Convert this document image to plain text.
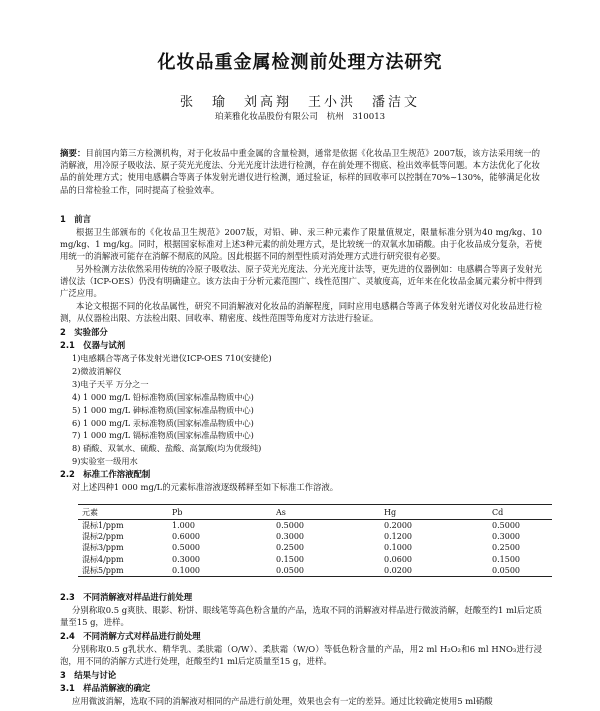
化妆品重金属检测前处理方法研究
张　瑜　刘高翔　王小洪　潘洁文
珀莱雅化妆品股份有限公司　杭州　310013
摘要：目前国内第三方检测机构，对于化妆品中重金属的含量检测，通常是依据《化妆品卫生规范》2007版，该方法采用统一的消解液，用冷原子吸收法、原子荧光光度法、分光光度计法进行检测，存在前处理不彻底、检出效率低等问题。本方法优化了化妆品的前处理方式；使用电感耦合等离子体发射光谱仪进行检测，通过验证，标样的回收率可以控制在70%~130%，能够满足化妆品的日常检验工作，同时提高了检验效率。
1　前言
根据卫生部颁布的《化妆品卫生规范》2007版，对铅、砷、汞三种元素作了限量值规定，限量标准分别为40 mg/kg、10 mg/kg、1 mg/kg。同时，根据国家标准对上述3种元素的前处理方式，是比较统一的双氧水加硝酸。由于化妆品成分复杂，若使用统一的消解液可能存在消解不彻底的风险。因此根据不同的剂型性质对消处理方式进行研究很有必要。
另外检测方法依然采用传统的冷原子吸收法、原子荧光光度法、分光光度计法等，更先进的仪器例如：电感耦合等离子发射光谱仪法（ICP-OES）仍没有明确建立。该方法由于分析元素范围广、线性范围广、灵敏度高，近年来在化妆品金属元素分析中得到广泛应用。
本论文根据不同的化妆品属性，研究不同消解液对化妆品的消解程度，同时应用电感耦合等离子体发射光谱仪对化妆品进行检测，从仪器检出限、方法检出限、回收率、精密度、线性范围等角度对方法进行验证。
2　实验部分
2.1　仪器与试剂
1)电感耦合等离子体发射光谱仪ICP-OES 710(安捷伦)
2)微波消解仪
3)电子天平 万分之一
4) 1 000 mg/L 铅标准物质(国家标准品物质中心)
5) 1 000 mg/L 砷标准物质(国家标准品物质中心)
6) 1 000 mg/L 汞标准物质(国家标准品物质中心)
7) 1 000 mg/L 镉标准物质(国家标准品物质中心)
8) 硝酸、双氧水、硫酸、盐酸、高氯酸(均为优级纯)
9)实验室一级用水
2.2　标准工作溶液配制
对上述四种1 000 mg/L的元素标准溶液逐级稀释至如下标准工作溶液。
元素	Pb	As	Hg	Cd
混标1/ppm	1.000	0.5000	0.2000	0.5000
混标2/ppm	0.6000	0.3000	0.1200	0.3000
混标3/ppm	0.5000	0.2500	0.1000	0.2500
混标4/ppm	0.3000	0.1500	0.0600	0.1500
混标5/ppm	0.1000	0.0500	0.0200	0.0500
2.3　不同消解液对样品进行前处理
分别称取0.5 g爽肤、眼影、粉饼、眼线笔等高色粉含量的产品，选取不同的消解液对样品进行微波消解，赶酸至约1 ml后定质量至15 g，进样。
2.4　不同消解方式对样品进行前处理
分别称取0.5 g乳状水、精华乳、柔肤霜（O/W）、柔肤霜（W/O）等低色粉含量的产品，用2 ml H₂O₂和6 ml HNO₃进行浸泡，用不同的消解方式进行处理，赶酸至约1 ml后定质量至15 g，进样。
3　结果与讨论
3.1　样品消解液的确定
应用微波消解，选取不同的消解液对相同的产品进行前处理，效果也会有一定的差异。通过比较确定使用5 ml硝酸
